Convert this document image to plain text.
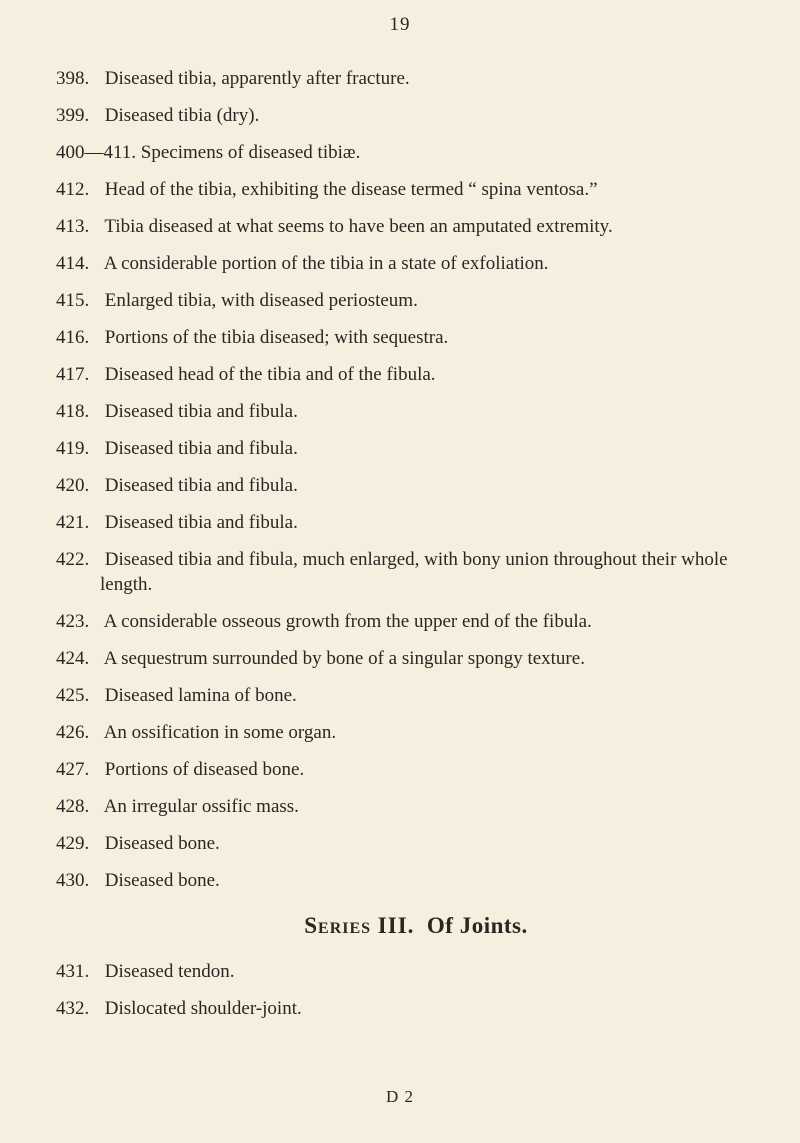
19

398. Diseased tibia, apparently after fracture.

399. Diseased tibia (dry).

400—411. Specimens of diseased tibiæ.

412. Head of the tibia, exhibiting the disease termed “ spina ventosa.”

413. Tibia diseased at what seems to have been an amputated extremity.

414. A considerable portion of the tibia in a state of exfoliation.

415. Enlarged tibia, with diseased periosteum.

416. Portions of the tibia diseased; with sequestra.

417. Diseased head of the tibia and of the fibula.

418. Diseased tibia and fibula.

419. Diseased tibia and fibula.

420. Diseased tibia and fibula.

421. Diseased tibia and fibula.

422. Diseased tibia and fibula, much enlarged, with bony union throughout their whole length.

423. A considerable osseous growth from the upper end of the fibula.

424. A sequestrum surrounded by bone of a singular spongy texture.

425. Diseased lamina of bone.

426. An ossification in some organ.

427. Portions of diseased bone.

428. An irregular ossific mass.

429. Diseased bone.

430. Diseased bone.

Series III. Of Joints.

431. Diseased tendon.

432. Dislocated shoulder-joint.

D 2
